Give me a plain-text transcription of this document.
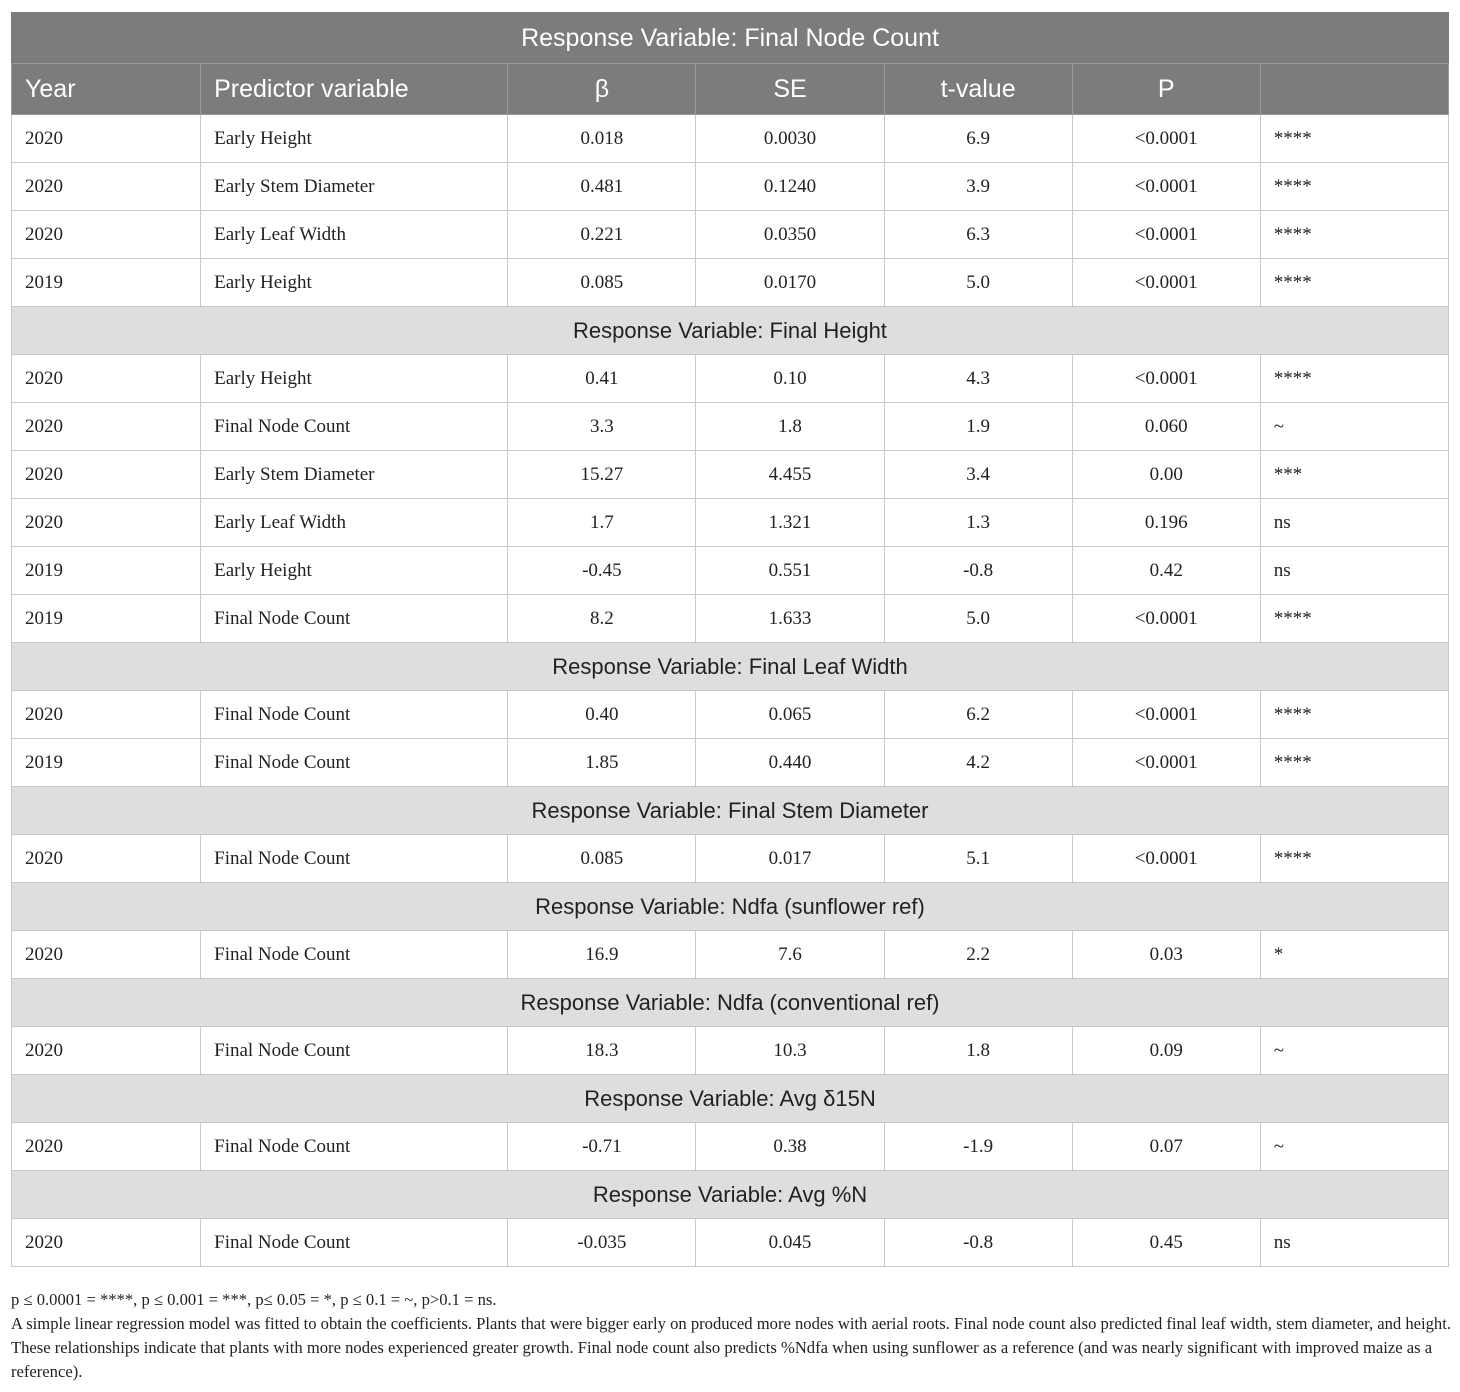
Response Variable: Final Node Count						
Year	Predictor variable	β	SE	t-value	P	
2020	Early Height	0.018	0.0030	6.9	<0.0001	****
2020	Early Stem Diameter	0.481	0.1240	3.9	<0.0001	****
2020	Early Leaf Width	0.221	0.0350	6.3	<0.0001	****
2019	Early Height	0.085	0.0170	5.0	<0.0001	****
Response Variable: Final Height						
2020	Early Height	0.41	0.10	4.3	<0.0001	****
2020	Final Node Count	3.3	1.8	1.9	0.060	~
2020	Early Stem Diameter	15.27	4.455	3.4	0.00	***
2020	Early Leaf Width	1.7	1.321	1.3	0.196	ns
2019	Early Height	-0.45	0.551	-0.8	0.42	ns
2019	Final Node Count	8.2	1.633	5.0	<0.0001	****
Response Variable: Final Leaf Width						
2020	Final Node Count	0.40	0.065	6.2	<0.0001	****
2019	Final Node Count	1.85	0.440	4.2	<0.0001	****
Response Variable: Final Stem Diameter						
2020	Final Node Count	0.085	0.017	5.1	<0.0001	****
Response Variable: Ndfa (sunflower ref)						
2020	Final Node Count	16.9	7.6	2.2	0.03	*
Response Variable: Ndfa (conventional ref)						
2020	Final Node Count	18.3	10.3	1.8	0.09	~
Response Variable: Avg δ15N						
2020	Final Node Count	-0.71	0.38	-1.9	0.07	~
Response Variable: Avg %N						
2020	Final Node Count	-0.035	0.045	-0.8	0.45	ns

p ≤ 0.0001 = ****, p ≤ 0.001 = ***, p≤ 0.05 = *, p ≤ 0.1 = ~, p>0.1 = ns.

A simple linear regression model was fitted to obtain the coefficients. Plants that were bigger early on produced more nodes with aerial roots. Final node count also predicted final leaf width, stem diameter, and height. These relationships indicate that plants with more nodes experienced greater growth. Final node count also predicts %Ndfa when using sunflower as a reference (and was nearly significant with improved maize as a reference).
